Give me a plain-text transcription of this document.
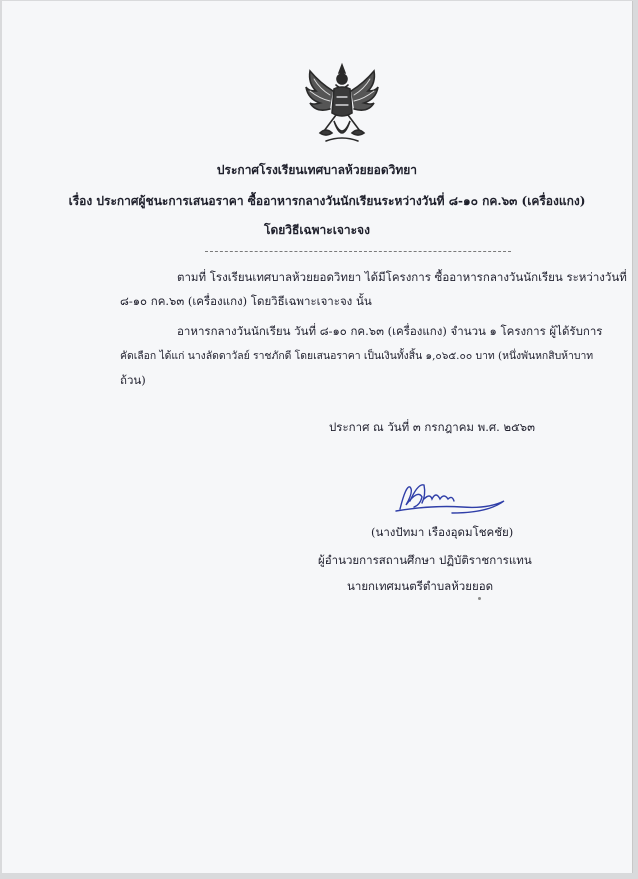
ประกาศโรงเรียนเทศบาลห้วยยอดวิทยา
เรื่อง ประกาศผู้ชนะการเสนอราคา ซื้ออาหารกลางวันนักเรียนระหว่างวันที่ ๘-๑๐ กค.๖๓ (เครื่องแกง)
โดยวิธีเฉพาะเจาะจง
ตามที่ โรงเรียนเทศบาลห้วยยอดวิทยา ได้มีโครงการ ซื้ออาหารกลางวันนักเรียน ระหว่างวันที่
๘-๑๐ กค.๖๓ (เครื่องแกง) โดยวิธีเฉพาะเจาะจง นั้น
อาหารกลางวันนักเรียน วันที่ ๘-๑๐ กค.๖๓ (เครื่องแกง) จำนวน ๑ โครงการ ผู้ได้รับการ
คัดเลือก ได้แก่ นางลัดดาวัลย์ ราชภักดี โดยเสนอราคา เป็นเงินทั้งสิ้น ๑,๐๖๕.๐๐ บาท (หนึ่งพันหกสิบห้าบาท
ถ้วน)
ประกาศ ณ วันที่ ๓ กรกฎาคม พ.ศ. ๒๕๖๓
(นางปัทมา เรืองอุดมโชคชัย)
ผู้อำนวยการสถานศึกษา ปฏิบัติราชการแทน
นายกเทศมนตรีตำบลห้วยยอด
